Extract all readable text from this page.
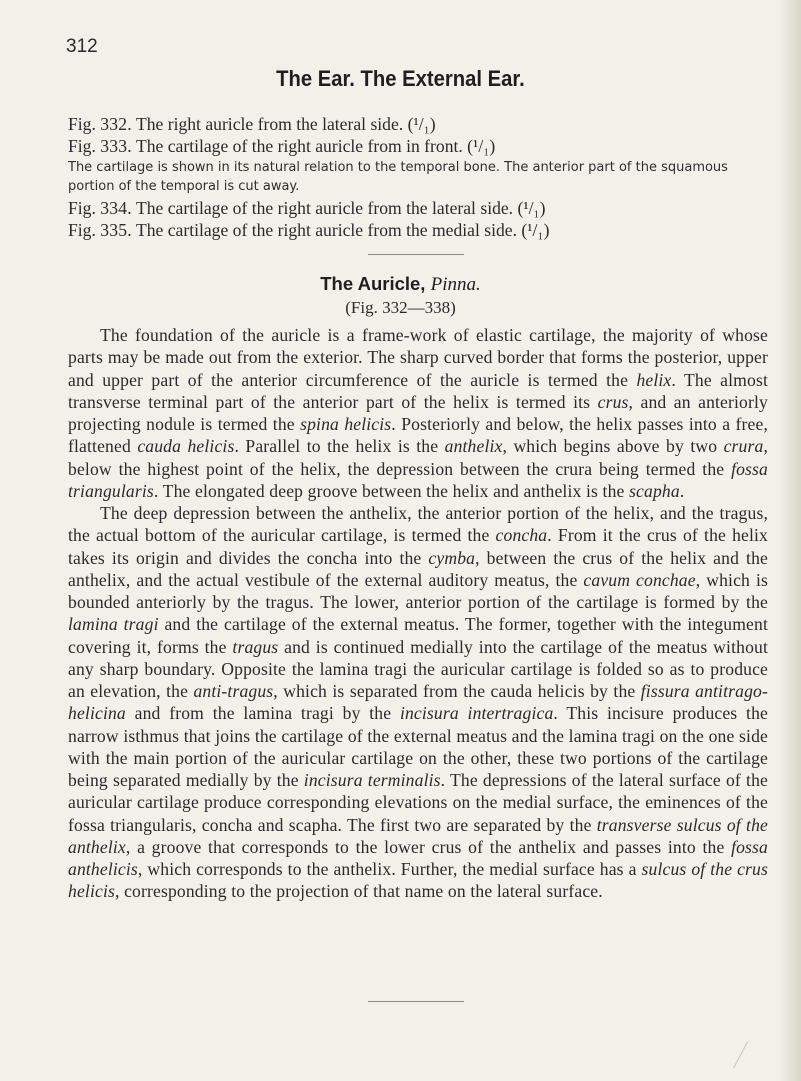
312
The Ear. The External Ear.
Fig. 332. The right auricle from the lateral side. (¹/₁)
Fig. 333. The cartilage of the right auricle from in front. (¹/₁)
The cartilage is shown in its natural relation to the temporal bone. The anterior part of the squamous portion of the temporal is cut away.
Fig. 334. The cartilage of the right auricle from the lateral side. (¹/₁)
Fig. 335. The cartilage of the right auricle from the medial side. (¹/₁)
The Auricle, Pinna.
(Fig. 332—338)

The foundation of the auricle is a frame-work of elastic cartilage, the majority of whose parts may be made out from the exterior. The sharp curved border that forms the posterior, upper and upper part of the anterior circumference of the auricle is termed the helix. The almost transverse terminal part of the anterior part of the helix is termed its crus, and an anteriorly projecting nodule is termed the spina helicis. Posteriorly and below, the helix passes into a free, flattened cauda helicis. Parallel to the helix is the anthelix, which begins above by two crura, below the highest point of the helix, the depression between the crura being termed the fossa triangularis. The elongated deep groove between the helix and anthelix is the scapha.

The deep depression between the anthelix, the anterior portion of the helix, and the tragus, the actual bottom of the auricular cartilage, is termed the concha. From it the crus of the helix takes its origin and divides the concha into the cymba, between the crus of the helix and the anthelix, and the actual vestibule of the external auditory meatus, the cavum conchae, which is bounded anteriorly by the tragus. The lower, anterior portion of the cartilage is formed by the lamina tragi and the cartilage of the external meatus. The former, together with the integument covering it, forms the tragus and is continued medially into the cartilage of the meatus without any sharp boundary. Opposite the lamina tragi the auricular cartilage is folded so as to produce an elevation, the anti-tragus, which is separated from the cauda helicis by the fissura antitrago-helicina and from the lamina tragi by the incisura intertragica. This incisure produces the narrow isthmus that joins the cartilage of the external meatus and the lamina tragi on the one side with the main portion of the auricular cartilage on the other, these two portions of the cartilage being separated medially by the incisura terminalis. The depressions of the lateral surface of the auricular cartilage produce corresponding elevations on the medial surface, the eminences of the fossa triangularis, concha and scapha. The first two are separated by the transverse sulcus of the anthelix, a groove that corresponds to the lower crus of the anthelix and passes into the fossa anthelicis, which corresponds to the anthelix. Further, the medial surface has a sulcus of the crus helicis, corresponding to the projection of that name on the lateral surface.
